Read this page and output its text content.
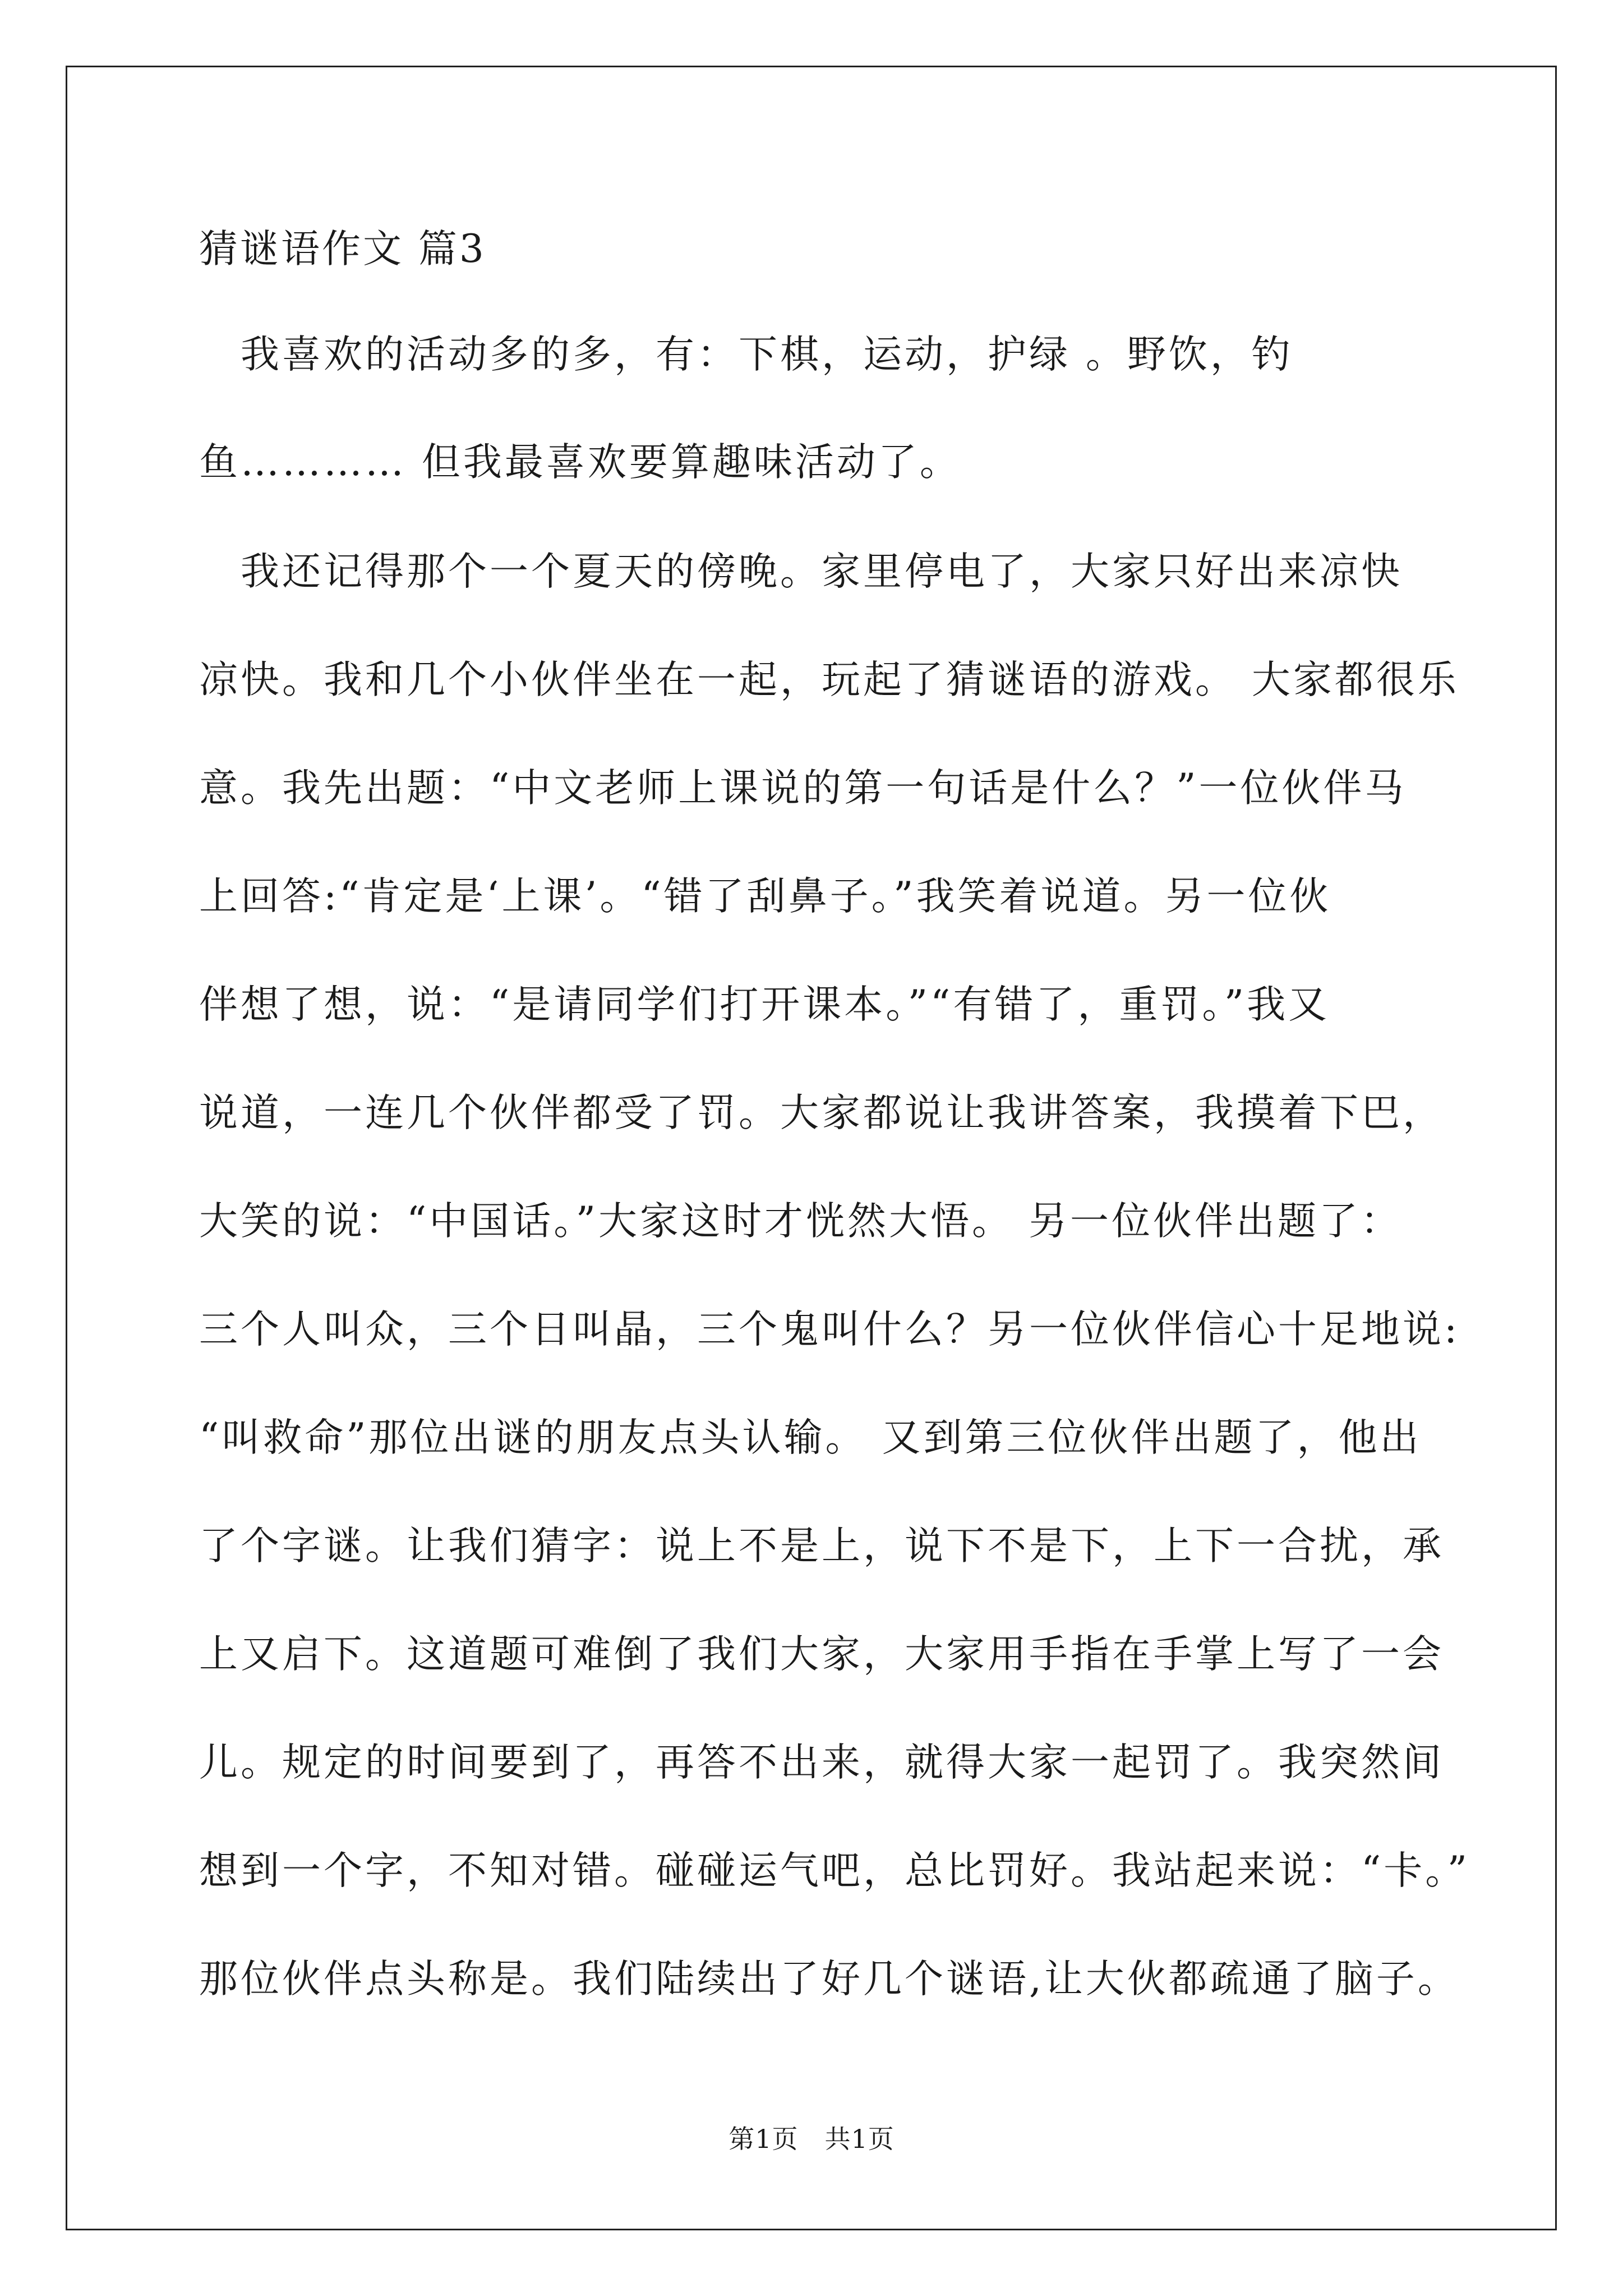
猜谜语作文 篇3
　我喜欢的活动多的多，有：下棋，运动，护绿 。野饮，钓
鱼………… 但我最喜欢要算趣味活动了。
　我还记得那个一个夏天的傍晚。家里停电了，大家只好出来凉快
凉快。我和几个小伙伴坐在一起，玩起了猜谜语的游戏。 大家都很乐
意。我先出题：“中文老师上课说的第一句话是什么？”一位伙伴马
上回答:“肯定是‘上课’。“错了刮鼻子。”我笑着说道。另一位伙
伴想了想，说：“是请同学们打开课本。”“有错了，重罚。”我又
说道，一连几个伙伴都受了罚。大家都说让我讲答案，我摸着下巴，
大笑的说：“中国话。”大家这时才恍然大悟。 另一位伙伴出题了：
三个人叫众，三个日叫晶，三个鬼叫什么？另一位伙伴信心十足地说:
“叫救命”那位出谜的朋友点头认输。 又到第三位伙伴出题了，他出
了个字谜。让我们猜字：说上不是上，说下不是下，上下一合扰，承
上又启下。这道题可难倒了我们大家，大家用手指在手掌上写了一会
儿。规定的时间要到了，再答不出来，就得大家一起罚了。我突然间
想到一个字，不知对错。碰碰运气吧，总比罚好。我站起来说：“卡。”
那位伙伴点头称是。我们陆续出了好几个谜语,让大伙都疏通了脑子。
第1页　共1页
